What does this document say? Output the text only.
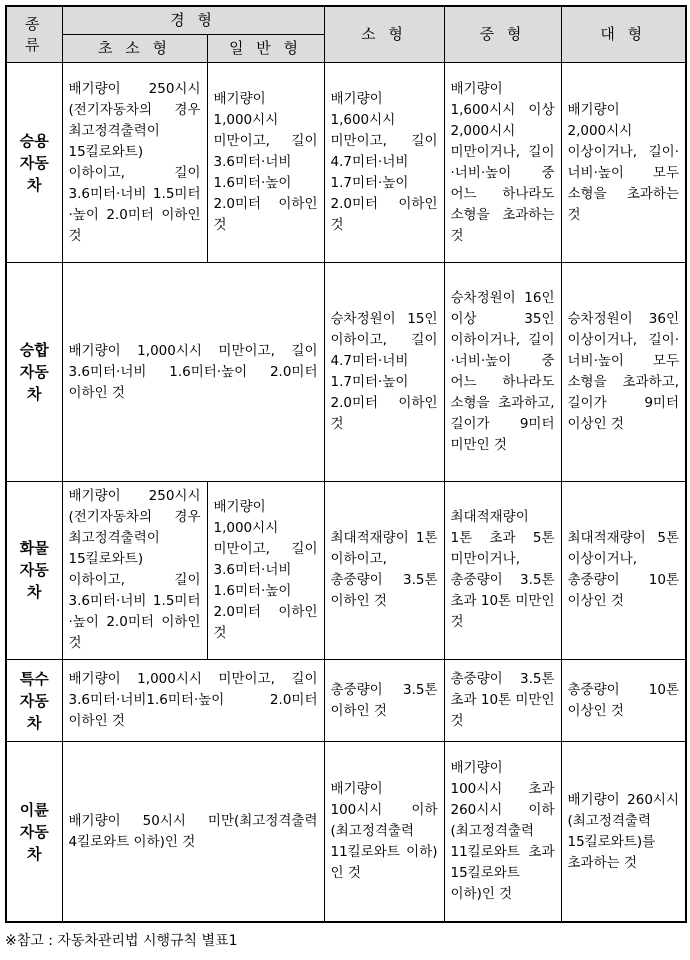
종 류	경 형		소 형	중 형	대 형
	초 소 형	일 반 형			
승용
자동
차	배기량이 250시시(전기자동차의 경우 최고정격출력이 15킬로와트) 이하이고, 길이 3.6미터·너비 1.5미터·높이 2.0미터 이하인 것	배기량이 1,000시시 미만이고, 길이 3.6미터·너비 1.6미터·높이 2.0미터 이하인 것	배기량이 1,600시시 미만이고, 길이 4.7미터·너비 1.7미터·높이 2.0미터 이하인 것	배기량이 1,600시시 이상 2,000시시 미만이거나, 길이·너비·높이 중 어느 하나라도 소형을 초과하는 것	배기량이 2,000시시 이상이거나, 길이·너비·높이 모두 소형을 초과하는 것
승합
자동
차	배기량이 1,000시시 미만이고, 길이 3.6미터·너비 1.6미터·높이 2.0미터 이하인 것		승차정원이 15인 이하이고, 길이 4.7미터·너비 1.7미터·높이 2.0미터 이하인 것	승차정원이 16인 이상 35인 이하이거나, 길이·너비·높이 중 어느 하나라도 소형을 초과하고, 길이가 9미터 미만인 것	승차정원이 36인 이상이거나, 길이·너비·높이 모두 소형을 초과하고, 길이가 9미터 이상인 것
화물
자동
차	배기량이 250시시(전기자동차의 경우 최고정격출력이 15킬로와트) 이하이고, 길이 3.6미터·너비 1.5미터·높이 2.0미터 이하인 것	배기량이 1,000시시 미만이고, 길이 3.6미터·너비 1.6미터·높이 2.0미터 이하인 것	최대적재량이 1톤 이하이고, 총중량이 3.5톤 이하인 것	최대적재량이 1톤 초과 5톤 미만이거나, 총중량이 3.5톤 초과 10톤 미만인 것	최대적재량이 5톤 이상이거나, 총중량이 10톤 이상인 것
특수
자동
차	배기량이 1,000시시 미만이고, 길이 3.6미터·너비1.6미터·높이 2.0미터 이하인 것		총중량이 3.5톤 이하인 것	총중량이 3.5톤 초과 10톤 미만인 것	총중량이 10톤 이상인 것
이륜
자동
차	배기량이 50시시 미만(최고정격출력 4킬로와트 이하)인 것		배기량이 100시시 이하(최고정격출력 11킬로와트 이하)인 것	배기량이 100시시 초과 260시시 이하(최고정격출력 11킬로와트 초과 15킬로와트 이하)인 것	배기량이 260시시(최고정격출력 15킬로와트)를 초과하는 것
※참고 : 자동차관리법 시행규칙 별표1
